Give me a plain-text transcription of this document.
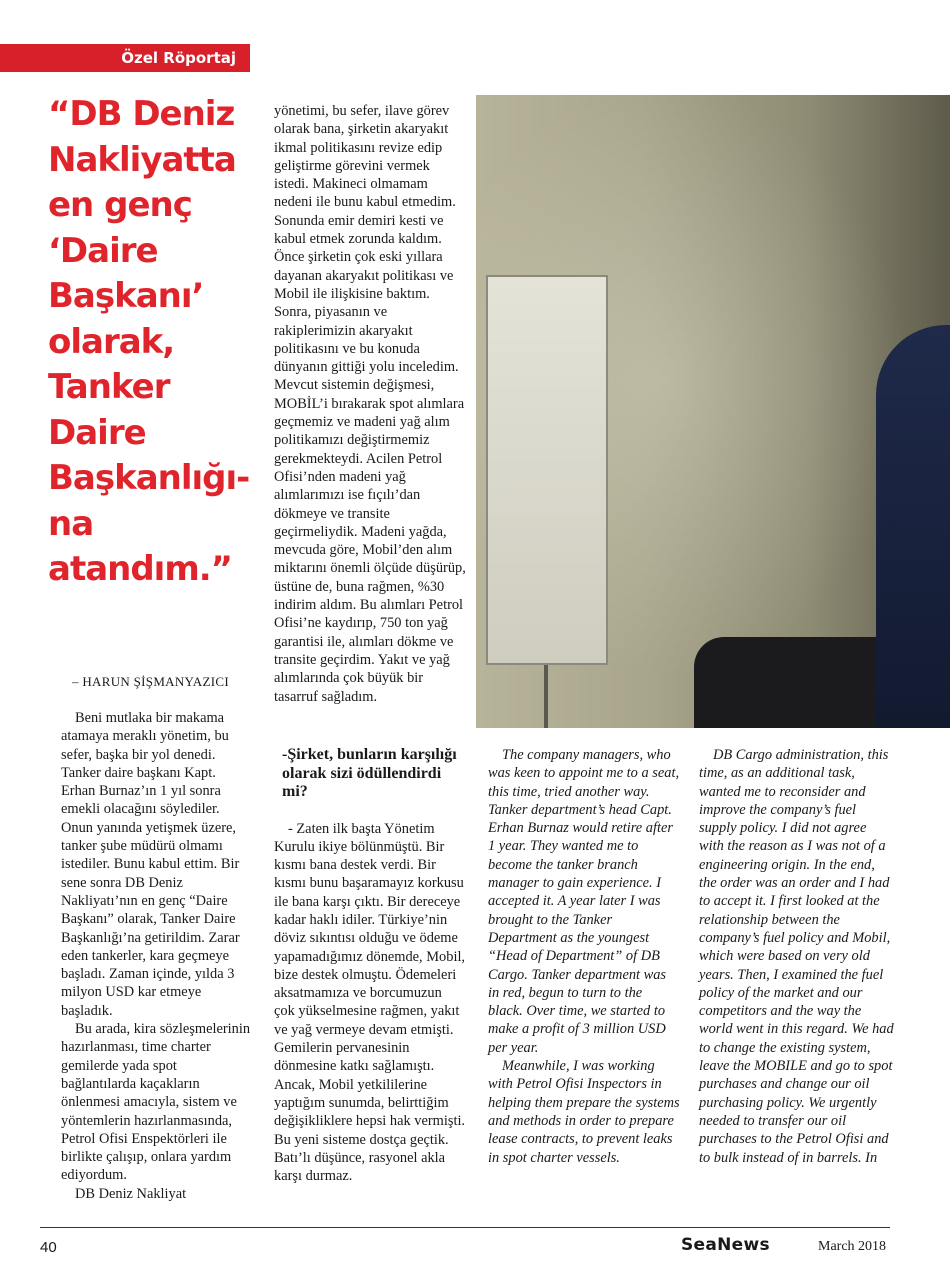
Özel Röportaj
“DB Deniz
Nakliyatta
en genç
‘Daire
Başkanı’
olarak,
Tanker
Daire
Başkanlığı-
na
atandım.”
– HARUN ŞİŞMANYAZICI

Beni mutlaka bir makama atamaya meraklı yönetim, bu sefer, başka bir yol denedi. Tanker daire başkanı Kapt. Erhan Burnaz’ın 1 yıl sonra emekli olacağını söylediler. Onun yanında yetişmek üzere, tanker şube müdürü olmamı istediler. Bunu kabul ettim. Bir sene sonra DB Deniz Nakliyatı’nın en genç “Daire Başkanı” olarak, Tanker Daire Başkanlığı’na getirildim. Zarar eden tankerler, kara geçmeye başladı. Zaman içinde, yılda 3 milyon USD kar etmeye başladık.

Bu arada, kira sözleşmelerinin hazırlanması, time charter gemilerde yada spot bağlantılarda kaçakların önlenmesi amacıyla, sistem ve yöntemlerin hazırlanmasında, Petrol Ofisi Enspektörleri ile birlikte çalışıp, onlara yardım ediyordum.

DB Deniz Nakliyat

yönetimi, bu sefer, ilave görev olarak bana, şirketin akaryakıt ikmal politikasını revize edip geliştirme görevini vermek istedi. Makineci olmamam nedeni ile bunu kabul etmedim. Sonunda emir demiri kesti ve kabul etmek zorunda kaldım. Önce şirketin çok eski yıllara dayanan akaryakıt politikası ve Mobil ile ilişkisine baktım. Sonra, piyasanın ve rakiplerimizin akaryakıt politikasını ve bu konuda dünyanın gittiği yolu inceledim. Mevcut sistemin değişmesi, MOBİL’i bırakarak spot alımlara geçmemiz ve madeni yağ alım politikamızı değiştirmemiz gerekmekteydi. Acilen Petrol Ofisi’nden madeni yağ alımlarımızı ise fıçılı’dan dökmeye ve transite geçirmeliydik. Madeni yağda, mevcuda göre, Mobil’den alım miktarını önemli ölçüde düşürüp, üstüne de, buna rağmen, %30 indirim aldım. Bu alımları Petrol Ofisi’ne kaydırıp, 750 ton yağ garantisi ile, alımları dökme ve transite geçirdim. Yakıt ve yağ alımlarında çok büyük bir tasarruf sağladım.

-Şirket, bunların karşılığı olarak sizi ödüllendirdi mi?

- Zaten ilk başta Yönetim Kurulu ikiye bölünmüştü. Bir kısmı bana destek verdi. Bir kısmı bunu başaramayız korkusu ile bana karşı çıktı. Bir dereceye kadar haklı idiler. Türkiye’nin döviz sıkıntısı olduğu ve ödeme yapamadığımız dönemde, Mobil, bize destek olmuştu. Ödemeleri aksatmamıza ve borcumuzun çok yükselmesine rağmen, yakıt ve yağ vermeye devam etmişti. Gemilerin pervanesinin dönmesine katkı sağlamıştı. Ancak, Mobil yetkililerine yaptığım sunumda, belirttiğim değişikliklere hepsi hak vermişti. Bu yeni sisteme dostça geçtik. Batı’lı düşünce, rasyonel akla karşı durmaz.

The company managers, who was keen to appoint me to a seat, this time, tried another way. Tanker department’s head Capt. Erhan Burnaz would retire after 1 year. They wanted me to become the tanker branch manager to gain experience. I accepted it. A year later I was brought to the Tanker Department as the youngest “Head of Department” of DB Cargo. Tanker department was in red, begun to turn to the black. Over time, we started to make a profit of 3 million USD per year.

Meanwhile, I was working with Petrol Ofisi Inspectors in helping them prepare the systems and methods in order to prepare lease contracts, to prevent leaks in spot charter vessels.

DB Cargo administration, this time, as an additional task, wanted me to reconsider and improve the company’s fuel supply policy. I did not agree with the reason as I was not of a engineering origin. In the end, the order was an order and I had to accept it. I first looked at the relationship between the company’s fuel policy and Mobil, which were based on very old years. Then, I examined the fuel policy of the market and our competitors and the way the world went in this regard. We had to change the existing system, leave the MOBILE and go to spot purchases and change our oil purchasing policy. We urgently needed to transfer our oil purchases to the Petrol Ofisi and to bulk instead of in barrels. In

40	SeaNews	March 2018
